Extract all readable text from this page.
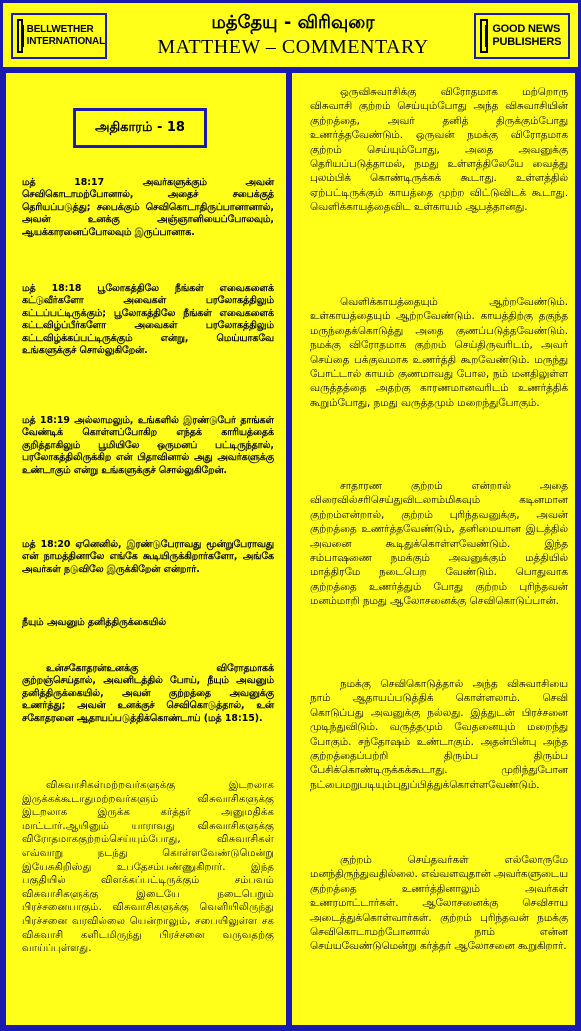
BELLWETHER INTERNATIONAL
மத்தேயு - விரிவுரை
MATTHEW – COMMENTARY
GOOD NEWS PUBLISHERS
அதிகாரம் - 18

மத் 18:17 அவர்களுக்கும் அவன் செவிகொடாமற்போனால், அதைச் சபைக்குத் தெரியப்படுத்து; சபைக்கும் செவிகொடாதிருப்பானானால், அவன் உனக்கு அஞ்ஞானியைப்போலவும், ஆயக்காரனைப்போலவும் இருப்பானாக.

மத் 18:18 பூலோகத்திலே நீங்கள் எவைகளைக் கட்டுவீர்களோ அவைகள் பரலோகத்திலும் கட்டப்பட்டிருக்கும்; பூலோகத்திலே நீங்கள் எவைகளைக் கட்டவிழ்ப்பீர்களோ அவைகள் பரலோகத்திலும் கட்டவிழ்க்கப்பட்டிருக்கும் என்று, மெய்யாகவே உங்களுக்குச் சொல்லுகிறேன்.

மத் 18:19 அல்லாமலும், உங்களில் இரண்டுபேர் தாங்கள் வேண்டிக் கொள்ளப்போகிற எந்தக் காரியத்தைக் குறித்தாகிலும் பூமியிலே ஒருமனப் பட்டிருந்தால், பரலோகத்திலிருக்கிற என் பிதாவினால் அது அவர்களுக்கு உண்டாகும் என்று உங்களுக்குச் சொல்லுகிறேன்.

மத் 18:20 ஏனெனில், இரண்டுபேராவது மூன்றுபேராவது என் நாமத்தினாலே எங்கே கூடியிருக்கிறார்களோ, அங்கே அவர்கள் நடுவிலே இருக்கிறேன் என்றார்.

நீயும் அவனும் தனித்திருக்கையில்

உன்சகோதரன்உனக்கு விரோதமாகக் குற்றஞ்செய்தால், அவனிடத்தில் போய், நீயும் அவனும் தனித்திருக்கையில், அவன் குற்றத்தை அவனுக்கு உணர்த்து; அவன் உனக்குச் செவிகொடுத்தால், உன் சகோதரனை ஆதாயப்படுத்திக்கொண்டாய் (மத் 18:15).

விசுவாசிகள்மற்றவர்களுக்கு இடறலாக இருக்கக்கூடாதுமற்றவர்களும் விசுவாசிகளுக்கு இடறலாக இருக்க கர்த்தர் அனுமதிக்க மாட்டார்.ஆயினும் யாராவது விசுவாசிகளுக்கு விரோதமாககுற்றம்செய்யும்போது, விசுவாசிகள் எவ்வாறு நடந்து கொள்ளவேண்டுமென்று இயேசுகிறிஸ்து உபதேசம்பண்ணுகிறார். இந்த பகுதியில் விளக்கப்பட்டிருக்கும் சம்பவம் விசுவாசிகளுக்கு இடையே நடைபெறும் பிரச்சனையாகும். விசுவாசிகளுக்கு வெளியிலிருந்து பிரச்சனை வரவில்லை யென்றாலும், சபையிலுள்ள சக விசுவாசி களிடமிருந்து பிரச்சனை வருவதற்கு வாய்ப்புள்ளது.

ஒருவிசுவாசிக்கு விரோதமாக மற்றொரு விசுவாசி குற்றம் செய்யும்போது அந்த விசுவாசியின் குற்றத்தை, அவர் தனித் திருக்கும்போது உணர்த்தவேண்டும். ஒருவன் நமக்கு விரோதமாக குற்றம் செய்யும்போது, அதை அவனுக்கு தெரியப்படுத்தாமல், நமது உள்ளத்திலேயே வைத்து புலம்பிக் கொண்டிருக்கக் கூடாது. உள்ளத்தில் ஏற்பட்டிருக்கும் காயத்தை முற்ற விட்டுவிடக் கூடாது. வெளிக்காயத்தைவிட உள்காயம் ஆபத்தானது.

வெளிக்காயத்தையும் ஆற்றவேண்டும். உள்காயத்தையும் ஆற்றவேண்டும். காயத்திற்கு தகுந்த மருந்தைக்கொடுத்து அதை குணப்படுத்தவேண்டும். நமக்கு விரோதமாக குற்றம் செய்திருவரிடம், அவர் செய்தை பக்குவமாக உணர்த்தி கூறவேண்டும். மருந்து போட்டால் காயம் குணமாவது போல, நம் மனதிலுள்ள வருத்தத்தை அதற்கு காரணமானவரிடம் உணர்த்திக் கூறும்போது, நமது வருத்தமும் மறைந்துபோகும்.

சாதாரண குற்றம் என்றால் அதை விரைவில்சரிசெய்துவிடலாம்மிகவும் கடினமான குற்றம்என்றால், குற்றம் புரிந்தவனுக்கு, அவன் குற்றத்தை உணர்த்தவேண்டும், தனிமையான இடத்தில் அவனை கூடிதுக்கொள்ளவேண்டும். இந்த சம்பாஷணை நமக்கும் அவனுக்கும் மத்தியில் மாத்திரமே நடைபெற வேண்டும். பொதுவாக குற்றத்தை உணர்த்தும் போது குற்றம் புரிந்தவன் மனம்மாறி நமது ஆலோசனைக்கு செவிகொடுப்பான்.

நமக்கு செவிகொடுத்தால் அந்த விசுவாசியை நாம் ஆதாயப்படுத்திக் கொள்ளலாம். செவி கொடுப்பது அவனுக்கு நல்லது. இத்துடன் பிரச்சனை முடிந்துவிடும். வருத்தமும் வேதனையும் மறைந்து போகும். சந்தோஷம் உண்டாகும். அதன்பின்பு அந்த குற்றத்தைப்பற்றி திரும்ப திரும்ப பேசிக்கொண்டிருக்கக்கூடாது. முறிந்துபோன நட்பைமறுபடியும்புதுப்பித்துக்கொள்ளவேண்டும்.

குற்றம் செய்தவர்கள் எல்லோருமே மனந்திருந்துவதில்லை. எவ்வளவுதான் அவர்களுடைய குற்றத்தை உணர்த்தினாலும் அவர்கள் உணரமாட்டார்கள். ஆலோசனைக்கு செவிசாய அடைத்துக்கொள்வார்கள். குற்றம் புரிந்தவன் நமக்கு செவிகொடாமற்போனால் நாம் என்ன செய்யவேண்டுமென்று கர்த்தர் ஆலோசனை கூறுகிறார்.
